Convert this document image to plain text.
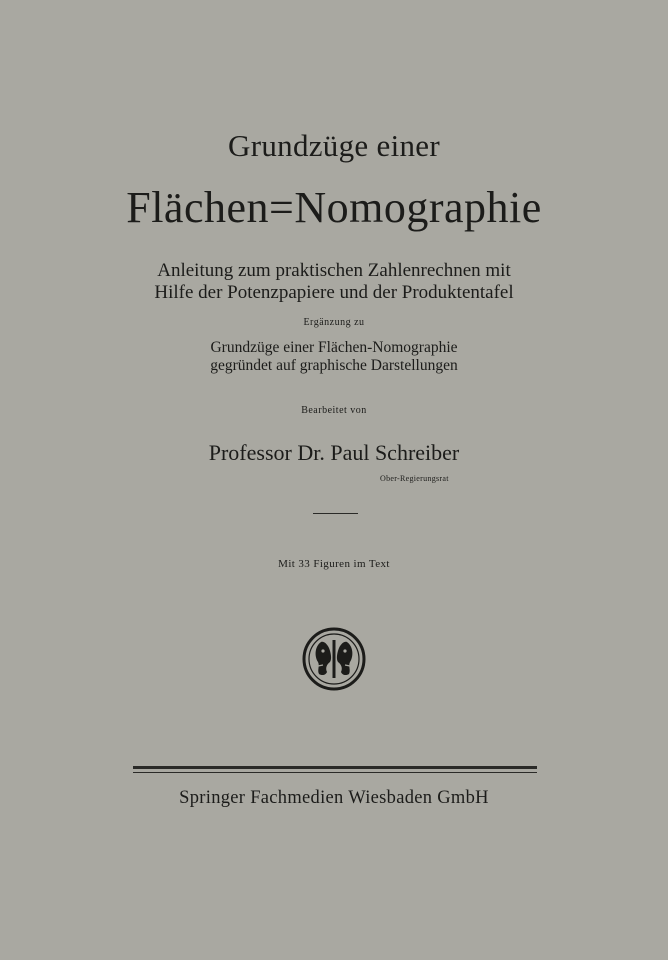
Grundzüge einer
Flächen=Nomographie
Anleitung zum praktischen Zahlenrechnen mit
Hilfe der Potenzpapiere und der Produktentafel
Ergänzung zu
Grundzüge einer Flächen-Nomographie
gegründet auf graphische Darstellungen
Bearbeitet von
Professor Dr. Paul Schreiber
Ober-Regierungsrat
Mit 33 Figuren im Text
Springer Fachmedien Wiesbaden GmbH
